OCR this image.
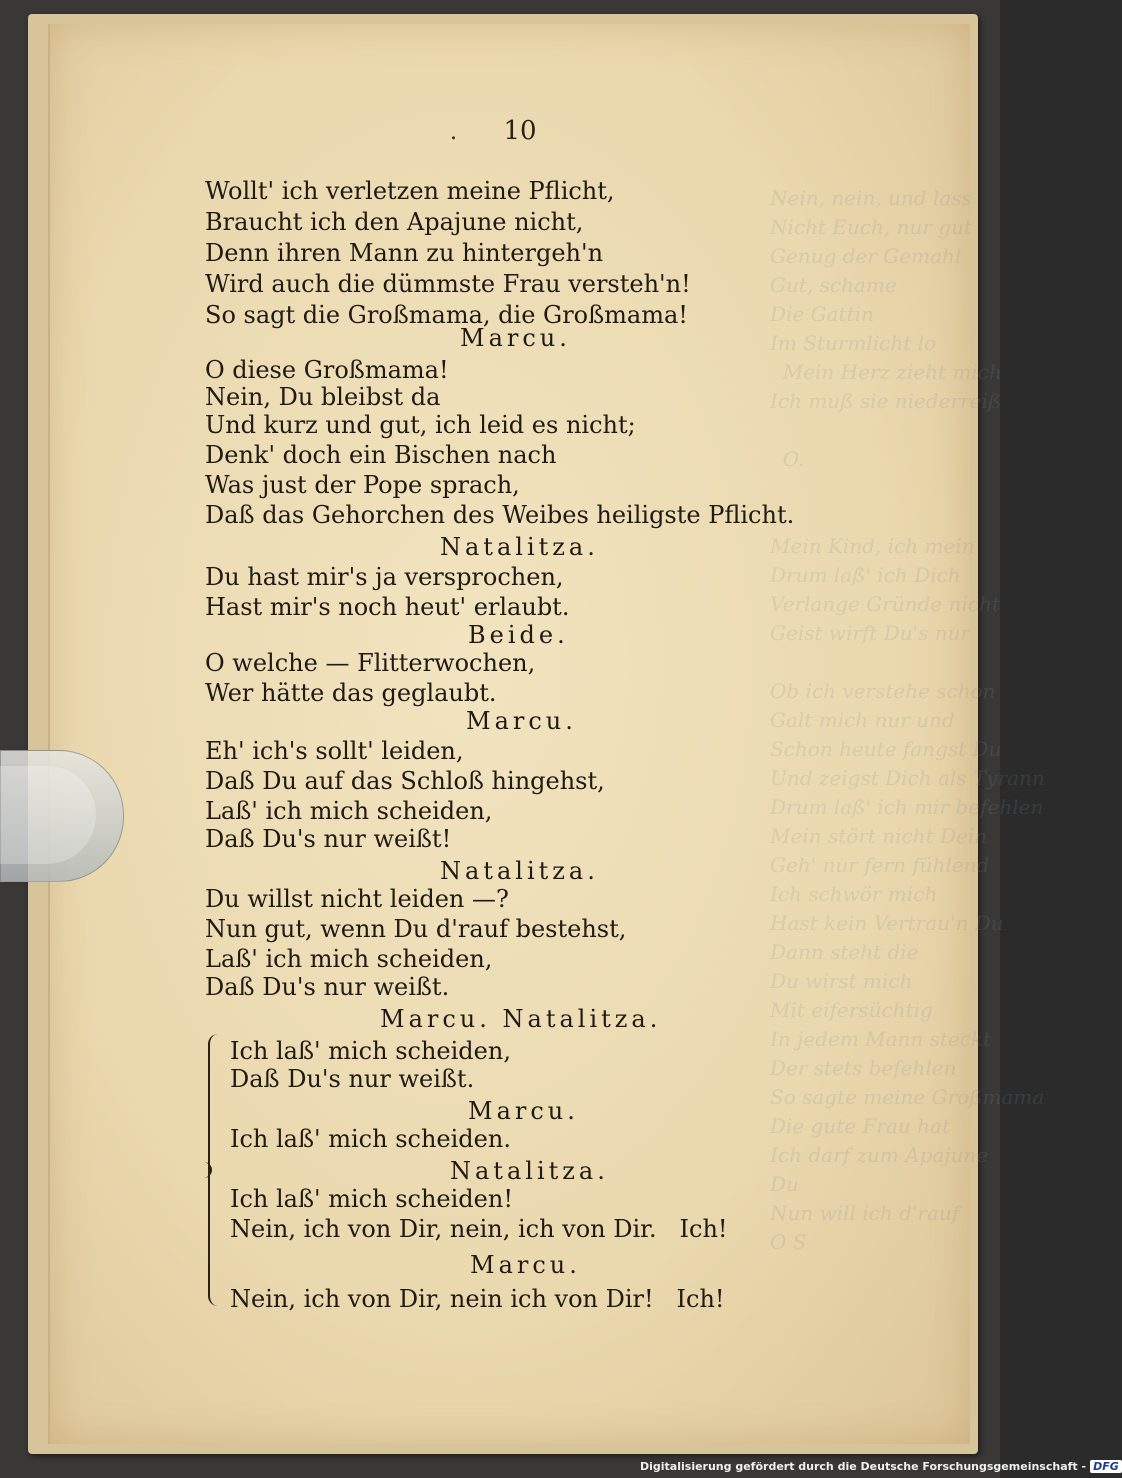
Nein, nein, und lass
Nicht Euch, nur gut
Genug der Gemahl
Gut, schame
Die Gattin
Im Sturmlicht lo
Mein Herz zieht mich
Ich muß sie niederreiß

O.

Mein Kind, ich mein
Drum laß' ich Dich
Verlange Gründe nicht
Geist wirft Du's nur

Ob ich verstehe schon
Galt mich nur und
Schon heute fangst Du
Und zeigst Dich als Tyrann
Drum laß' ich mir befehlen
Mein stört nicht Dein
Geh' nur fern fühlend
Ich schwör mich
Hast kein Vertrau'n Du
Dann steht die
Du wirst mich
Mit eifersüchtig
In jedem Mann steckt
Der stets befehlen
So sagte meine Großmama
Die gute Frau hat
Ich darf zum Apajune
Du
Nun will ich d'rauf
O S
. 10
Wollt' ich verletzen meine Pflicht,
Braucht ich den Apajune nicht,
Denn ihren Mann zu hintergeh'n
Wird auch die dümmste Frau versteh'n!
So sagt die Großmama, die Großmama!
Marcu.
O diese Großmama!
Nein, Du bleibst da
Und kurz und gut, ich leid es nicht;
Denk' doch ein Bischen nach
Was just der Pope sprach,
Daß das Gehorchen des Weibes heiligste Pflicht.
Natalitza.
Du hast mir's ja versprochen,
Hast mir's noch heut' erlaubt.
Beide.
O welche — Flitterwochen,
Wer hätte das geglaubt.
Marcu.
Eh' ich's sollt' leiden,
Daß Du auf das Schloß hingehst,
Laß' ich mich scheiden,
Daß Du's nur weißt!
Natalitza.
Du willst nicht leiden —?
Nun gut, wenn Du d'rauf bestehst,
Laß' ich mich scheiden,
Daß Du's nur weißt.
Marcu. Natalitza.
Ich laß' mich scheiden,
Daß Du's nur weißt.
Marcu.
Ich laß' mich scheiden.
Natalitza.
Ich laß' mich scheiden!
Nein, ich von Dir, nein, ich von Dir.   Ich!
Marcu.
Nein, ich von Dir, nein ich von Dir!   Ich!
Digitalisierung gefördert durch die Deutsche Forschungsgemeinschaft - DFG
